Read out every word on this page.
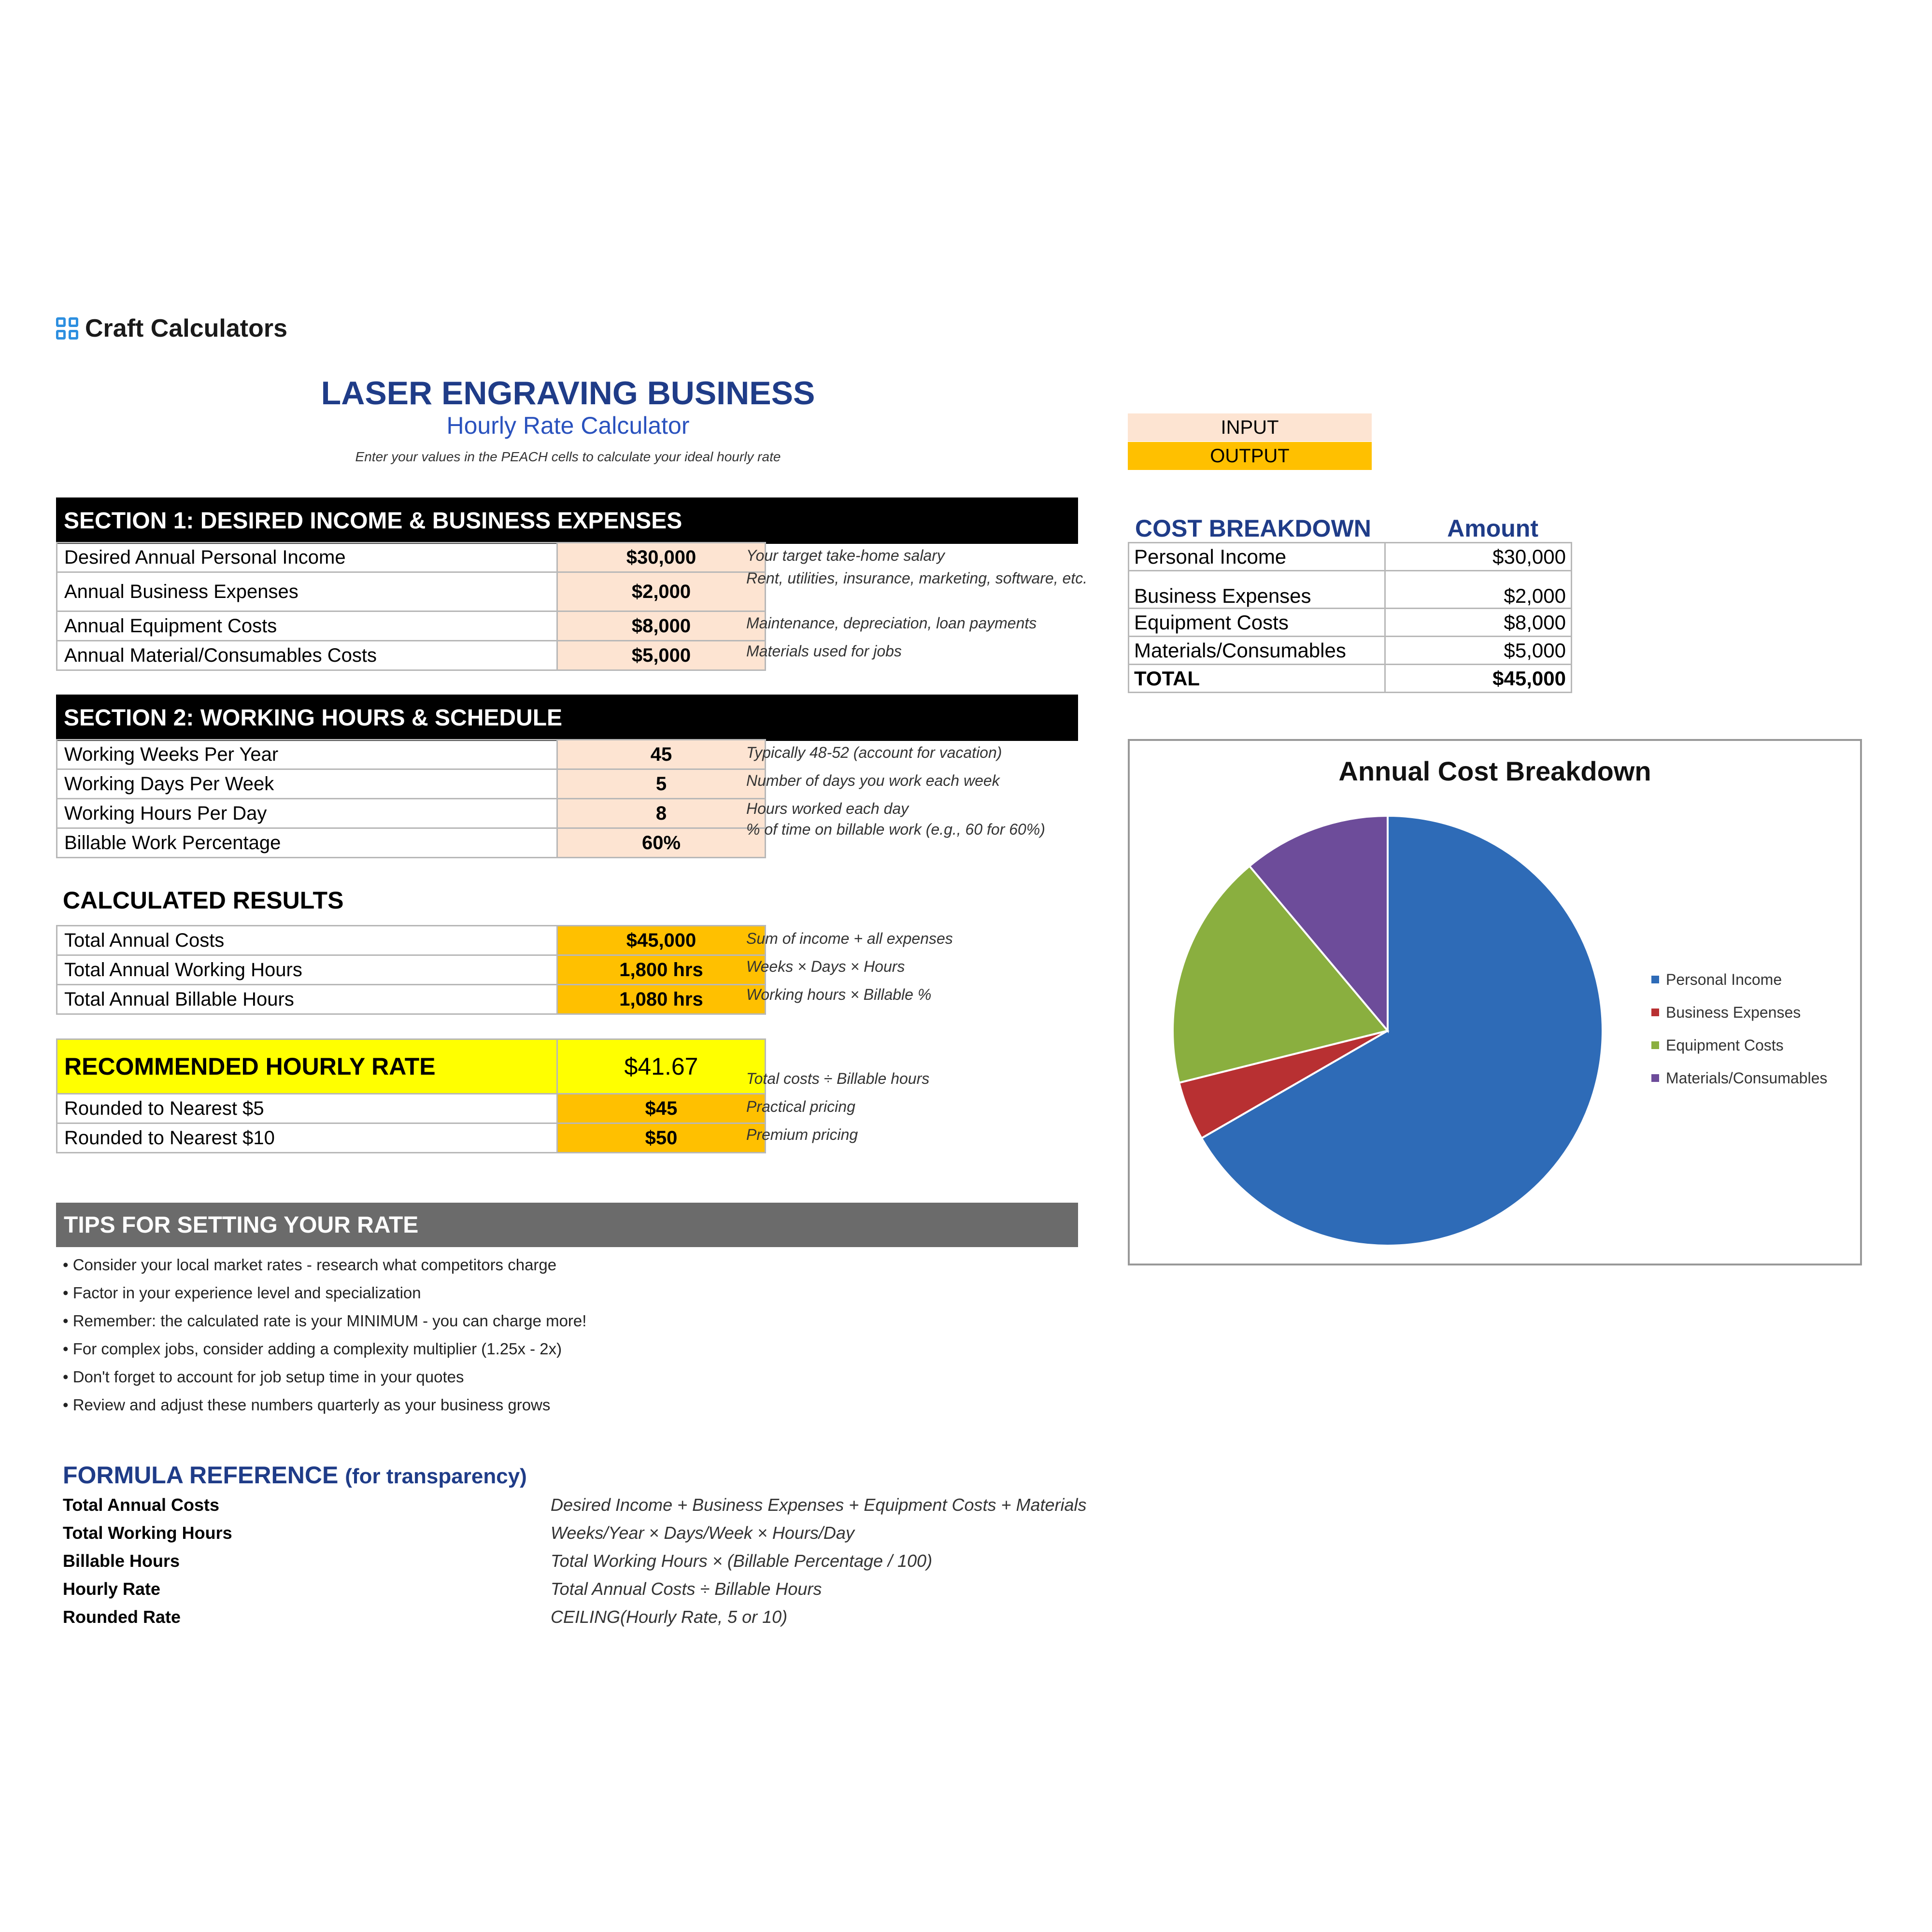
Craft Calculators
LASER ENGRAVING BUSINESS
Hourly Rate Calculator
Enter your values in the PEACH cells to calculate your ideal hourly rate
INPUT
OUTPUT
SECTION 1: DESIRED INCOME & BUSINESS EXPENSES
Desired Annual Personal Income	$30,000
Annual Business Expenses	$2,000
Annual Equipment Costs	$8,000
Annual Material/Consumables Costs	$5,000
Your target take-home salary
Rent, utilities, insurance, marketing, software, etc.
Maintenance, depreciation, loan payments
Materials used for jobs
SECTION 2: WORKING HOURS & SCHEDULE
Working Weeks Per Year	45
Working Days Per Week	5
Working Hours Per Day	8
Billable Work Percentage	60%
Typically 48-52 (account for vacation)
Number of days you work each week
Hours worked each day
% of time on billable work (e.g., 60 for 60%)
CALCULATED RESULTS
Total Annual Costs	$45,000
Total Annual Working Hours	1,800 hrs
Total Annual Billable Hours	1,080 hrs
Sum of income + all expenses
Weeks × Days × Hours
Working hours × Billable %
RECOMMENDED HOURLY RATE	$41.67
Rounded to Nearest $5	$45
Rounded to Nearest $10	$50
Total costs ÷ Billable hours
Practical pricing
Premium pricing
TIPS FOR SETTING YOUR RATE
• Consider your local market rates - research what competitors charge
• Factor in your experience level and specialization
• Remember: the calculated rate is your MINIMUM - you can charge more!
• For complex jobs, consider adding a complexity multiplier (1.25x - 2x)
• Don't forget to account for job setup time in your quotes
• Review and adjust these numbers quarterly as your business grows
FORMULA REFERENCE (for transparency)
Total Annual Costs	Desired Income + Business Expenses + Equipment Costs + Materials
Total Working Hours	Weeks/Year × Days/Week × Hours/Day
Billable Hours	Total Working Hours × (Billable Percentage / 100)
Hourly Rate	Total Annual Costs ÷ Billable Hours
Rounded Rate	CEILING(Hourly Rate, 5 or 10)
COST BREAKDOWN	Amount
Personal Income	$30,000
Business Expenses	$2,000
Equipment Costs	$8,000
Materials/Consumables	$5,000
TOTAL	$45,000
Annual Cost Breakdown
Personal Income
Business Expenses
Equipment Costs
Materials/Consumables
